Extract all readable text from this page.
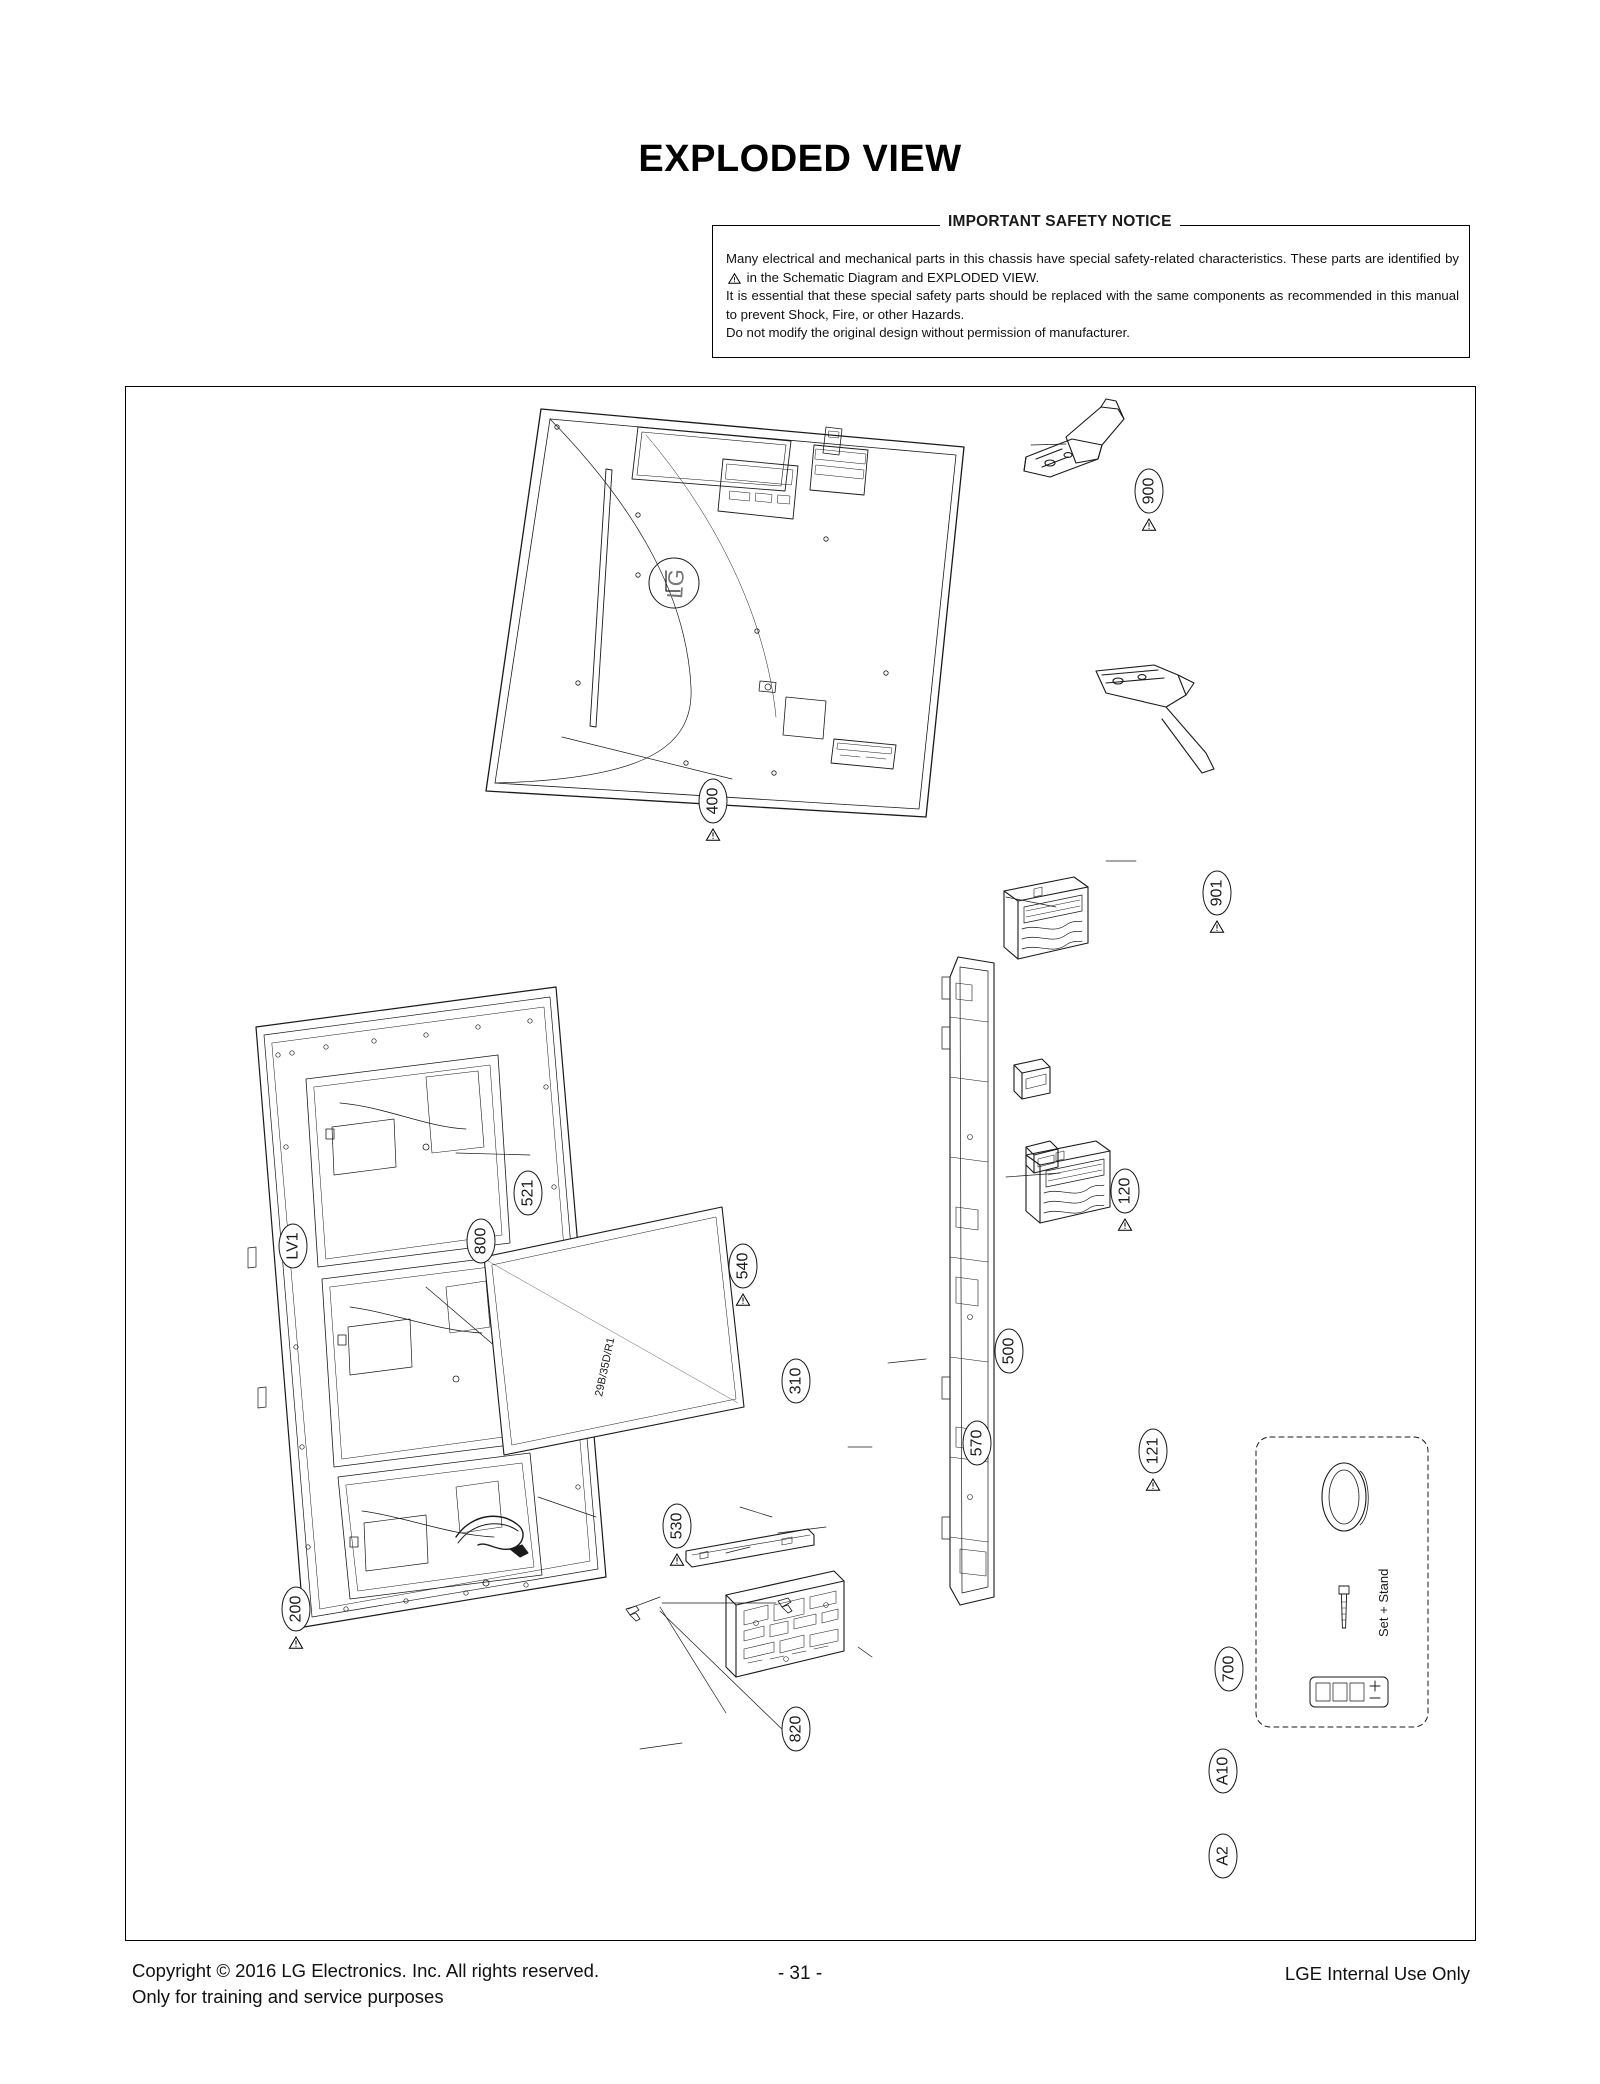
EXPLODED VIEW
IMPORTANT SAFETY NOTICE

Many electrical and mechanical parts in this chassis have special safety-related characteristics. These parts are identified by  in the Schematic Diagram and EXPLODED VIEW.

It is essential that these special safety parts should be replaced with the same components as recommended in this manual to prevent Shock, Fire, or other Hazards.

Do not modify the original design without permission of manufacturer.

900
400
901
521
800
LV1
540
120
500
310
570	121
530
200
820
700
A10
A2
29B/35D/R1
Set + Stand
LG
Copyright © 2016 LG Electronics. Inc. All rights reserved.
Only for training and service purposes
- 31 -	LGE Internal Use Only
